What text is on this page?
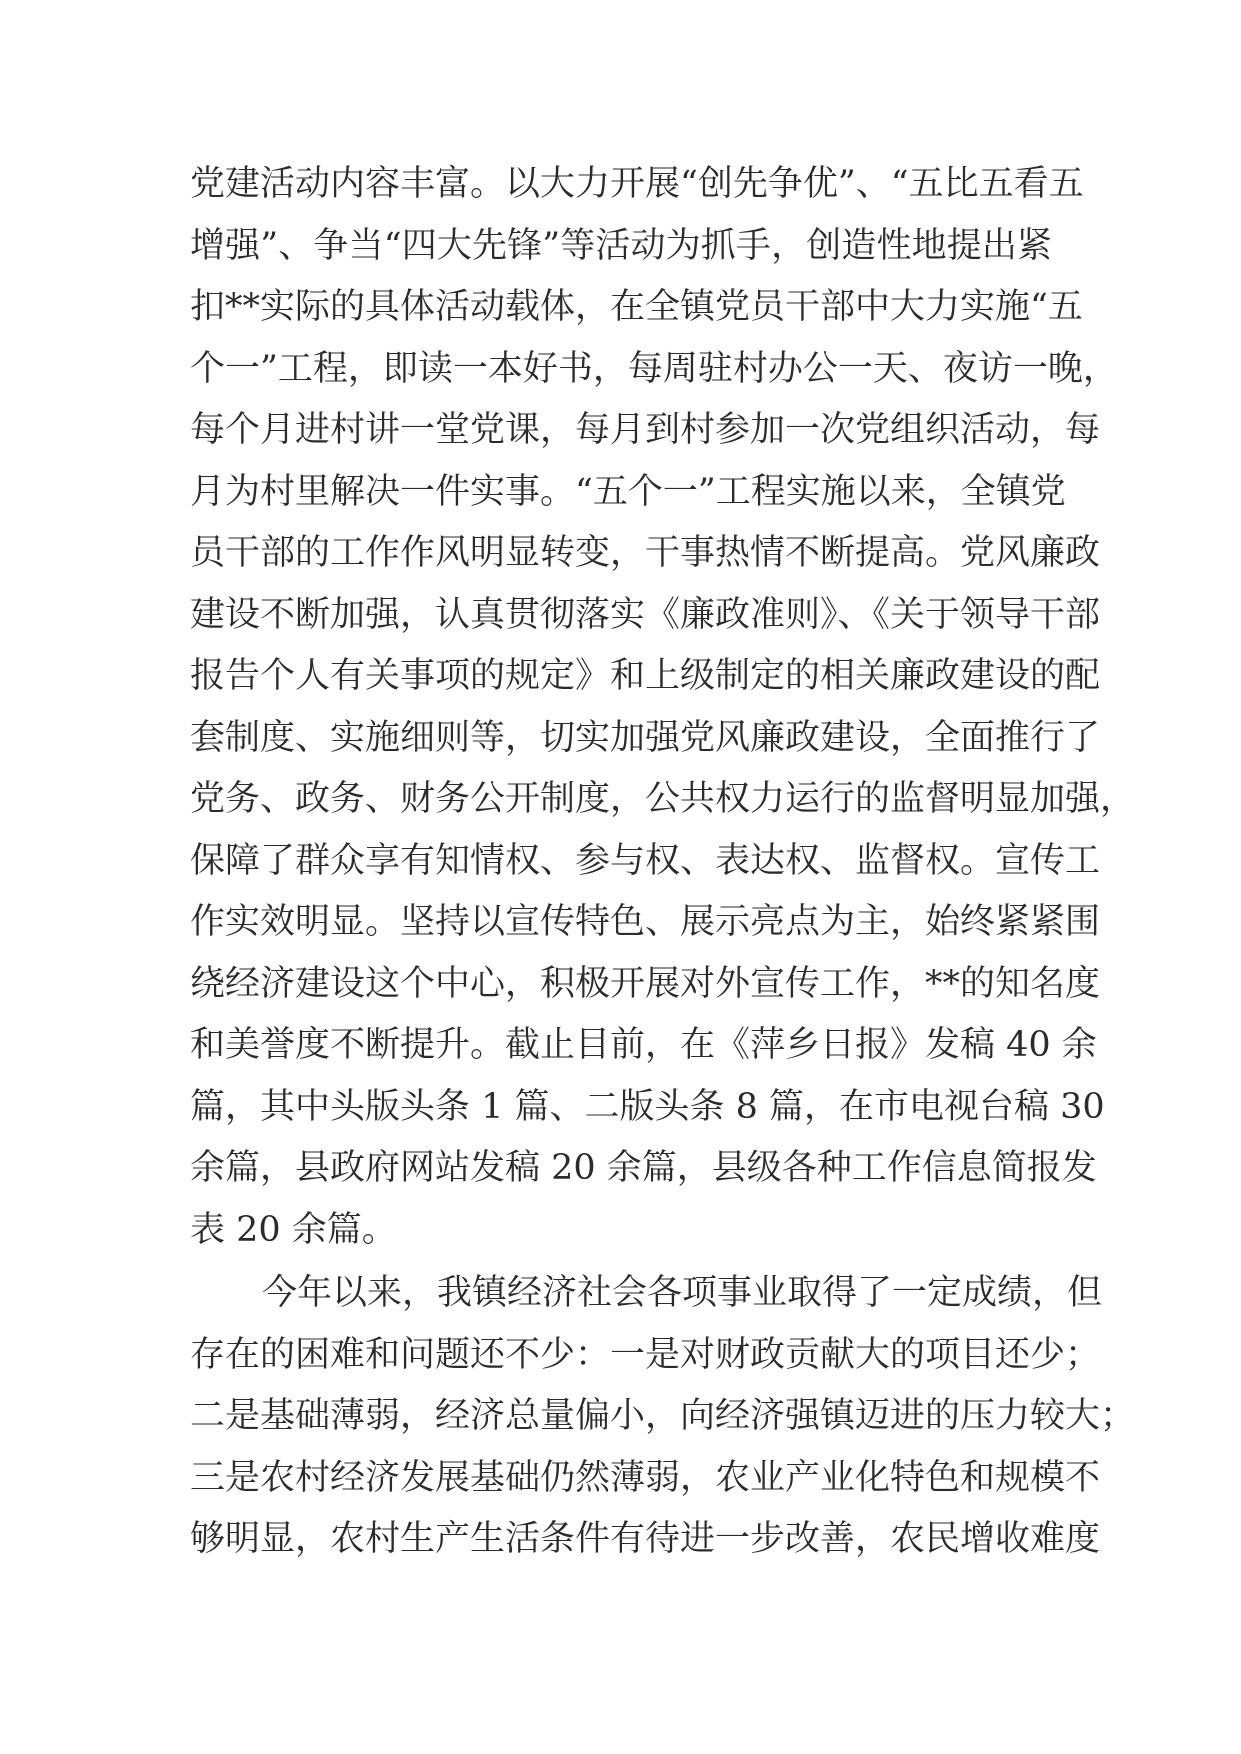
党建活动内容丰富。以大力开展“创先争优”、“五比五看五
增强”、争当“四大先锋”等活动为抓手，创造性地提出紧
扣**实际的具体活动载体，在全镇党员干部中大力实施“五
个一”工程，即读一本好书，每周驻村办公一天、夜访一晚，
每个月进村讲一堂党课，每月到村参加一次党组织活动，每
月为村里解决一件实事。“五个一”工程实施以来，全镇党
员干部的工作作风明显转变，干事热情不断提高。党风廉政
建设不断加强，认真贯彻落实《廉政准则》、《关于领导干部
报告个人有关事项的规定》和上级制定的相关廉政建设的配
套制度、实施细则等，切实加强党风廉政建设，全面推行了
党务、政务、财务公开制度，公共权力运行的监督明显加强，
保障了群众享有知情权、参与权、表达权、监督权。宣传工
作实效明显。坚持以宣传特色、展示亮点为主，始终紧紧围
绕经济建设这个中心，积极开展对外宣传工作，**的知名度
和美誉度不断提升。截止目前，在《萍乡日报》发稿 40 余
篇，其中头版头条 1 篇、二版头条 8 篇，在市电视台稿 30
余篇，县政府网站发稿 20 余篇，县级各种工作信息简报发
表 20 余篇。
今年以来，我镇经济社会各项事业取得了一定成绩，但
存在的困难和问题还不少：一是对财政贡献大的项目还少；
二是基础薄弱，经济总量偏小，向经济强镇迈进的压力较大；
三是农村经济发展基础仍然薄弱，农业产业化特色和规模不
够明显，农村生产生活条件有待进一步改善，农民增收难度
